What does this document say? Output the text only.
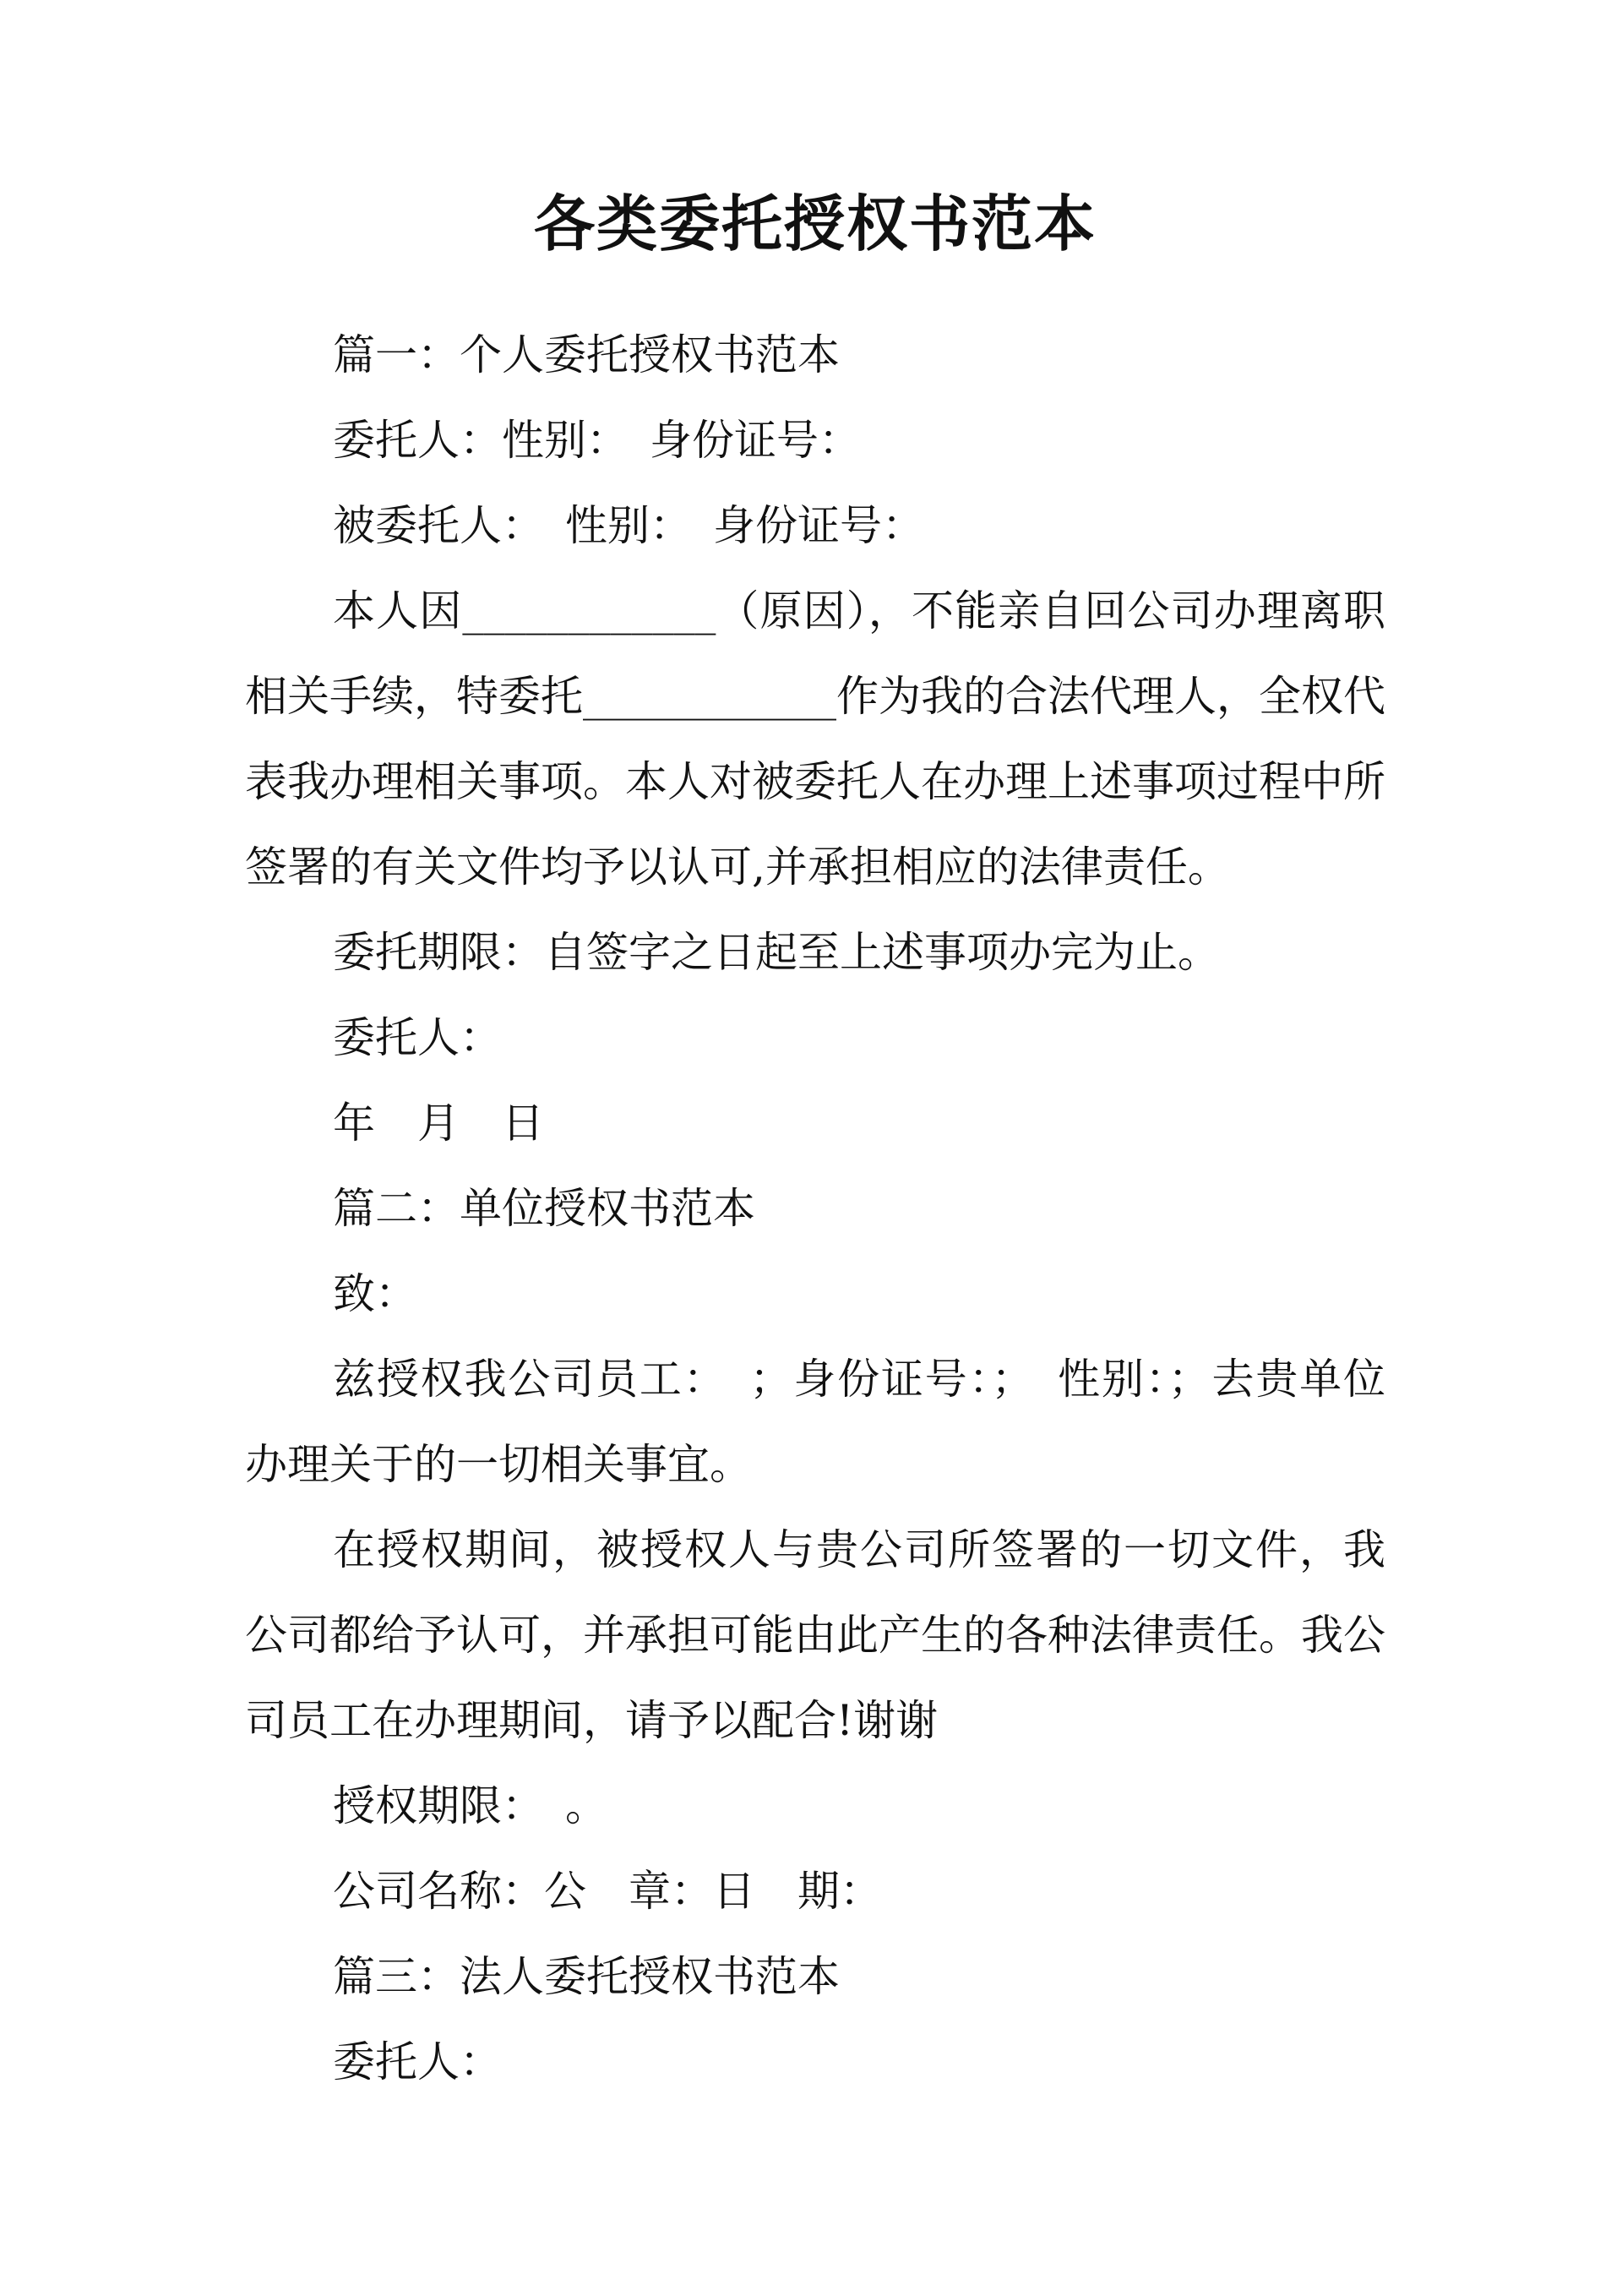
各类委托授权书范本

篇一：个人委托授权书范本

委托人：性别：　身份证号：

被委托人：　性别：　身份证号：

本人因____________（原因），不能亲自回公司办理离职相关手续，特委托____________作为我的合法代理人，全权代表我办理相关事项。本人对被委托人在办理上述事项过程中所签署的有关文件均予以认可,并承担相应的法律责任。

委托期限：自签字之日起至上述事项办完为止。

委托人：

年　月　日

篇二：单位授权书范本

致：

兹授权我公司员工：　；身份证号：；　性别：；去贵单位办理关于的一切相关事宜。

在授权期间，被授权人与贵公司所签署的一切文件，我公司都给予认可，并承担可能由此产生的各种法律责任。我公司员工在办理期间，请予以配合!谢谢

授权期限：　。

公司名称：公　章：日　期：

篇三：法人委托授权书范本

委托人：
